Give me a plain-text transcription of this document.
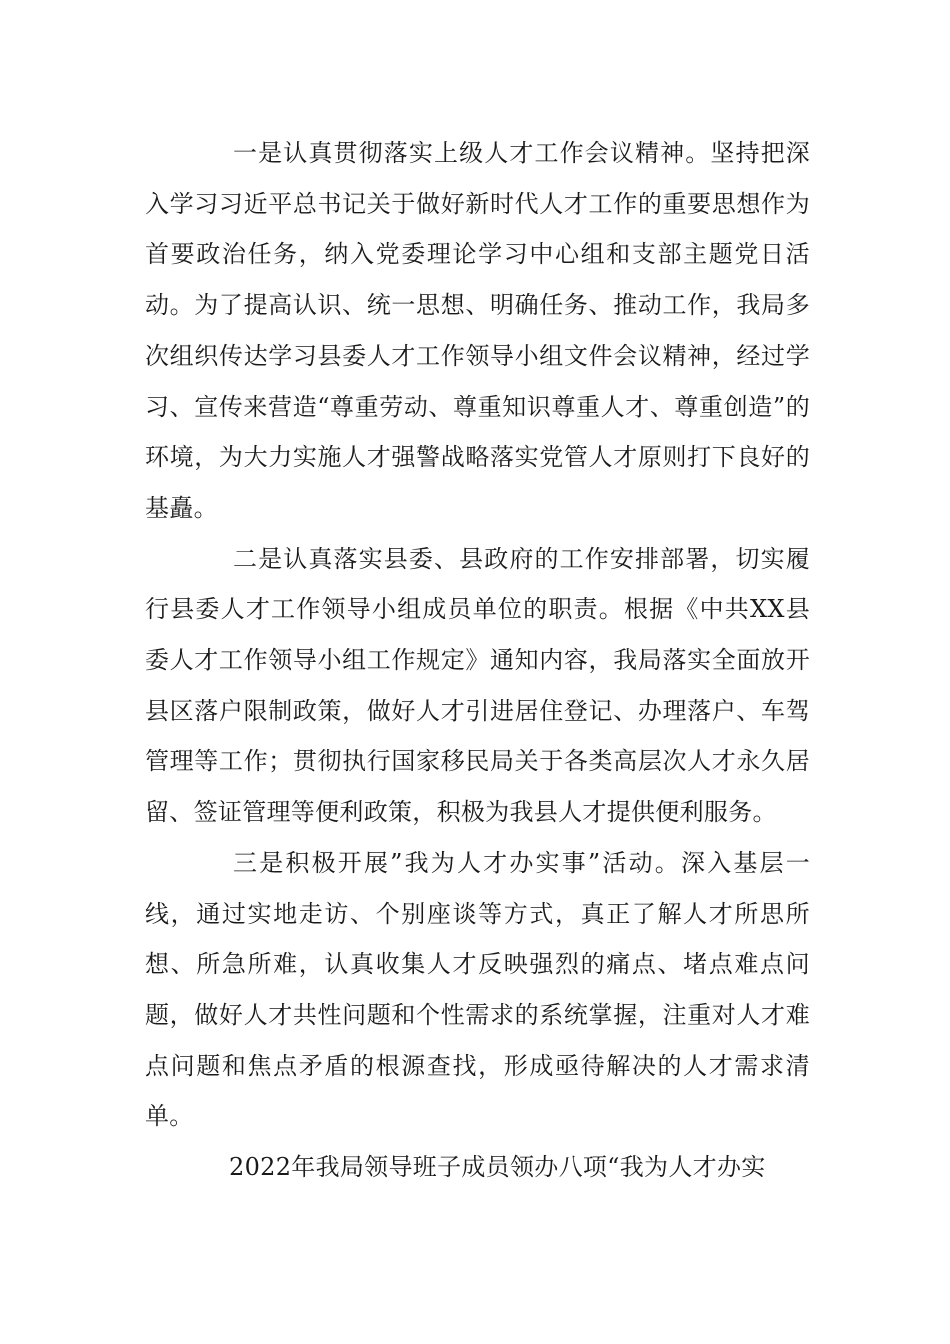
一是认真贯彻落实上级人才工作会议精神。坚持把深入学习习近平总书记关于做好新时代人才工作的重要思想作为首要政治任务，纳入党委理论学习中心组和支部主题党日活动。为了提高认识、统一思想、明确任务、推动工作，我局多次组织传达学习县委人才工作领导小组文件会议精神，经过学习、宣传来营造“尊重劳动、尊重知识尊重人才、尊重创造”的环境，为大力实施人才强警战略落实党管人才原则打下良好的基矗。

二是认真落实县委、县政府的工作安排部署，切实履行县委人才工作领导小组成员单位的职责。根据《中共XX县委人才工作领导小组工作规定》通知内容，我局落实全面放开县区落户限制政策，做好人才引进居住登记、办理落户、车驾管理等工作；贯彻执行国家移民局关于各类高层次人才永久居留、签证管理等便利政策，积极为我县人才提供便利服务。

三是积极开展”我为人才办实事”活动。深入基层一线，通过实地走访、个别座谈等方式，真正了解人才所思所想、所急所难，认真收集人才反映强烈的痛点、堵点难点问题，做好人才共性问题和个性需求的系统掌握，注重对人才难点问题和焦点矛盾的根源查找，形成亟待解决的人才需求清单。

2022年我局领导班子成员领办八项“我为人才办实
